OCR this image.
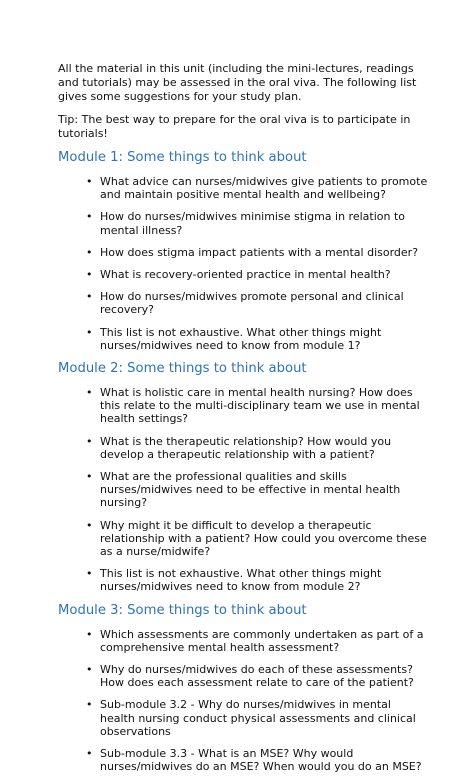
All the material in this unit (including the mini-lectures, readings and tutorials) may be assessed in the oral viva. The following list gives some suggestions for your study plan.

Tip: The best way to prepare for the oral viva is to participate in tutorials!

Module 1: Some things to think about
• What advice can nurses/midwives give patients to promote and maintain positive mental health and wellbeing?
• How do nurses/midwives minimise stigma in relation to mental illness?
• How does stigma impact patients with a mental disorder?
• What is recovery-oriented practice in mental health?
• How do nurses/midwives promote personal and clinical recovery?
• This list is not exhaustive. What other things might nurses/midwives need to know from module 1?
Module 2: Some things to think about
• What is holistic care in mental health nursing? How does this relate to the multi-disciplinary team we use in mental health settings?
• What is the therapeutic relationship? How would you develop a therapeutic relationship with a patient?
• What are the professional qualities and skills nurses/midwives need to be effective in mental health nursing?
• Why might it be difficult to develop a therapeutic relationship with a patient? How could you overcome these as a nurse/midwife?
• This list is not exhaustive. What other things might nurses/midwives need to know from module 2?
Module 3: Some things to think about
• Which assessments are commonly undertaken as part of a comprehensive mental health assessment?
• Why do nurses/midwives do each of these assessments? How does each assessment relate to care of the patient?
• Sub-module 3.2 - Why do nurses/midwives in mental health nursing conduct physical assessments and clinical observations
• Sub-module 3.3 - What is an MSE? Why would nurses/midwives do an MSE? When would you do an MSE?
